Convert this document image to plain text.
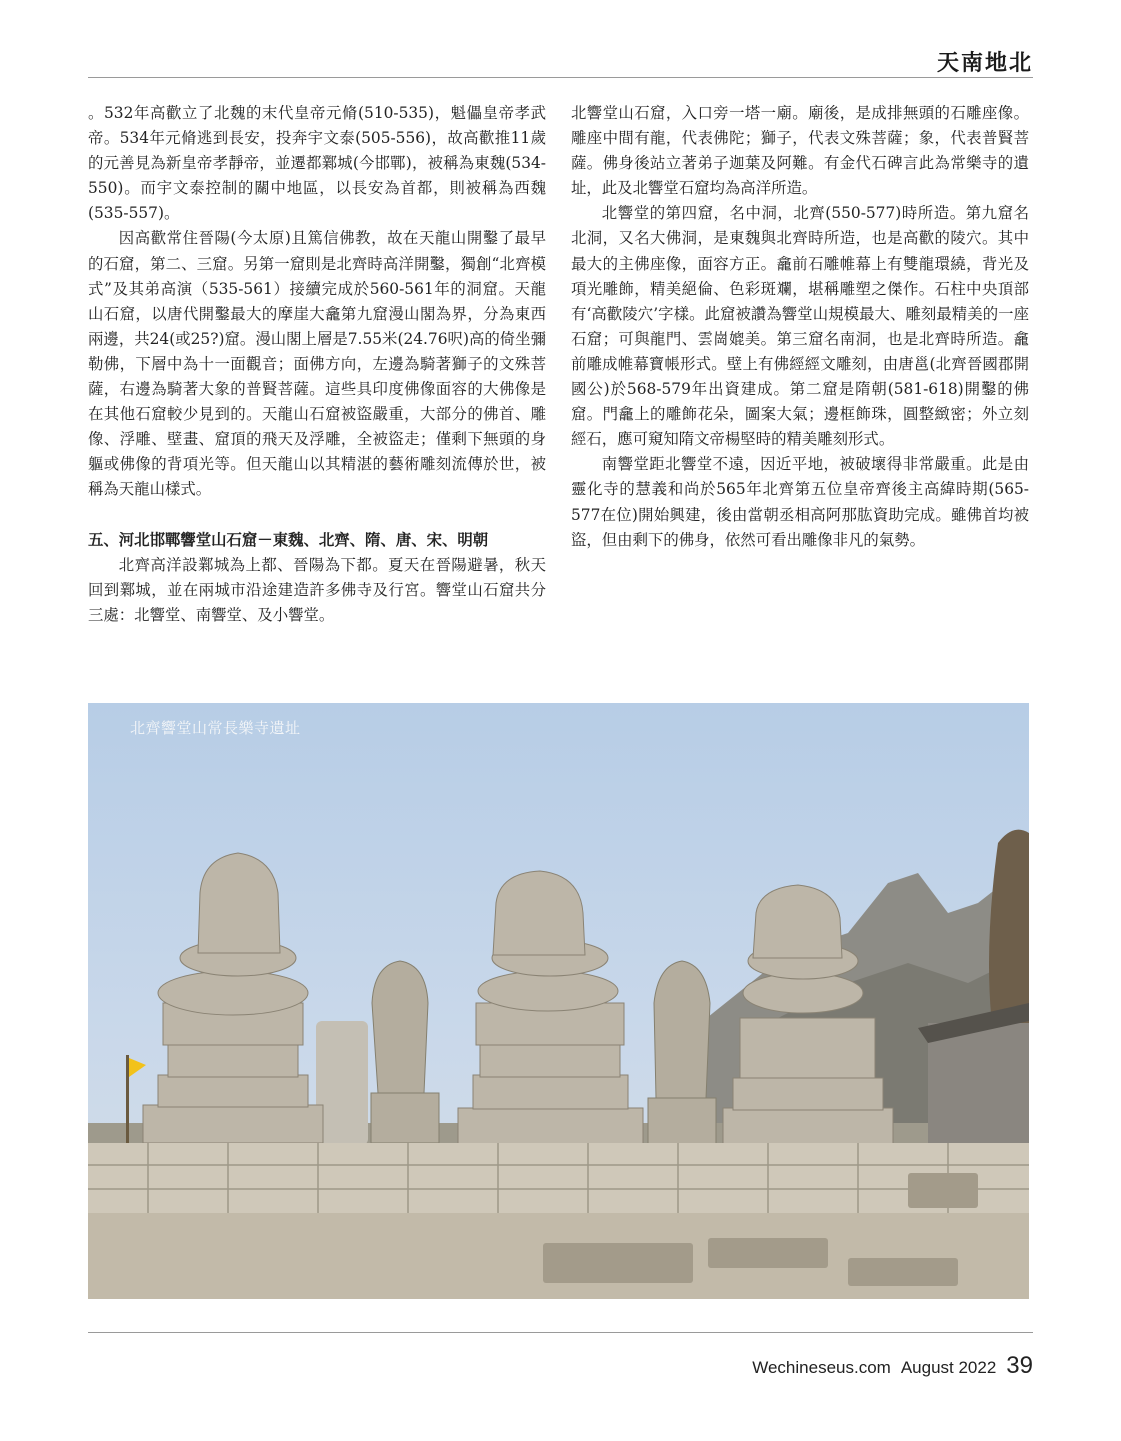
天南地北

。532年高歡立了北魏的末代皇帝元脩(510-535)，魁儡皇帝孝武帝。534年元脩逃到長安，投奔宇文泰(505-556)，故高歡推11歲的元善見為新皇帝孝靜帝，並遷都鄴城(今邯鄲)，被稱為東魏(534-550)。而宇文泰控制的關中地區，以長安為首都，則被稱為西魏(535-557)。

因高歡常住晉陽(今太原)且篤信佛教，故在天龍山開鑿了最早的石窟，第二、三窟。另第一窟則是北齊時高洋開鑿，獨創“北齊模式”及其弟高演（535-561）接續完成於560-561年的洞窟。天龍山石窟，以唐代開鑿最大的摩崖大龕第九窟漫山閣為界，分為東西兩邊，共24(或25?)窟。漫山閣上層是7.55米(24.76呎)高的倚坐彌勒佛，下層中為十一面觀音；面佛方向，左邊為騎著獅子的文殊菩薩，右邊為騎著大象的普賢菩薩。這些具印度佛像面容的大佛像是在其他石窟較少見到的。天龍山石窟被盜嚴重，大部分的佛首、雕像、浮雕、壁畫、窟頂的飛天及浮雕，全被盜走；僅剩下無頭的身軀或佛像的背項光等。但天龍山以其精湛的藝術雕刻流傳於世，被稱為天龍山樣式。

五、河北邯鄲響堂山石窟－東魏、北齊、隋、唐、宋、明朝

北齊高洋設鄴城為上都、晉陽為下都。夏天在晉陽避暑，秋天回到鄴城，並在兩城市沿途建造許多佛寺及行宮。響堂山石窟共分三處：北響堂、南響堂、及小響堂。

北響堂山石窟，入口旁一塔一廟。廟後，是成排無頭的石雕座像。雕座中間有龍，代表佛陀；獅子，代表文殊菩薩；象，代表普賢菩薩。佛身後站立著弟子迦葉及阿難。有金代石碑言此為常樂寺的遺址，此及北響堂石窟均為高洋所造。

北響堂的第四窟，名中洞，北齊(550-577)時所造。第九窟名北洞，又名大佛洞，是東魏與北齊時所造，也是高歡的陵穴。其中最大的主佛座像，面容方正。龕前石雕帷幕上有雙龍環繞，背光及項光雕飾，精美絕倫、色彩斑斕，堪稱雕塑之傑作。石柱中央頂部有‘高歡陵穴’字樣。此窟被讚為響堂山規模最大、雕刻最精美的一座石窟；可與龍門、雲崗媲美。第三窟名南洞，也是北齊時所造。龕前雕成帷幕寶帳形式。壁上有佛經經文雕刻，由唐邕(北齊晉國郡開國公)於568-579年出資建成。第二窟是隋朝(581-618)開鑿的佛窟。門龕上的雕飾花朵，圖案大氣；邊框飾珠，圓整緻密；外立刻經石，應可窺知隋文帝楊堅時的精美雕刻形式。

南響堂距北響堂不遠，因近平地，被破壞得非常嚴重。此是由靈化寺的慧義和尚於565年北齊第五位皇帝齊後主高緯時期(565-577在位)開始興建，後由當朝丞相高阿那肱資助完成。雖佛首均被盜，但由剩下的佛身，依然可看出雕像非凡的氣勢。

北齊響堂山常長樂寺遺址
Wechineseus.com August 2022 39
